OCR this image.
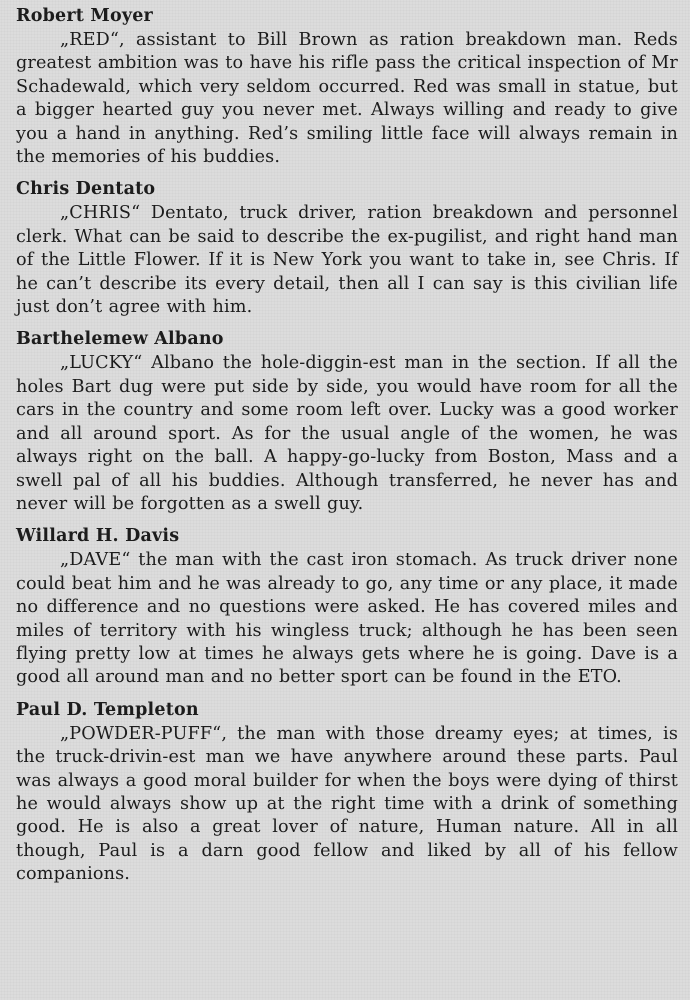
Robert Moyer

„RED“, assistant to Bill Brown as ration breakdown man. Reds greatest ambition was to have his rifle pass the critical inspection of Mr Schadewald, which very seldom occurred. Red was small in statue, but a bigger hearted guy you never met. Always willing and ready to give you a hand in anything. Red’s smiling little face will always remain in the memories of his buddies.

Chris Dentato

„CHRIS“ Dentato, truck driver, ration breakdown and personnel clerk. What can be said to describe the ex-pugilist, and right hand man of the Little Flower. If it is New York you want to take in, see Chris. If he can’t describe its every detail, then all I can say is this civilian life just don’t agree with him.

Barthelemew Albano

„LUCKY“ Albano the hole-diggin-est man in the section. If all the holes Bart dug were put side by side, you would have room for all the cars in the country and some room left over. Lucky was a good worker and all around sport. As for the usual angle of the women, he was always right on the ball. A happy-go-lucky from Boston, Mass and a swell pal of all his buddies. Although transferred, he never has and never will be forgotten as a swell guy.

Willard H. Davis

„DAVE“ the man with the cast iron stomach. As truck driver none could beat him and he was already to go, any time or any place, it made no difference and no questions were asked. He has covered miles and miles of territory with his wingless truck; although he has been seen flying pretty low at times he always gets where he is going. Dave is a good all around man and no better sport can be found in the ETO.

Paul D. Templeton

„POWDER-PUFF“, the man with those dreamy eyes; at times, is the truck-drivin-est man we have anywhere around these parts. Paul was always a good moral builder for when the boys were dying of thirst he would always show up at the right time with a drink of something good. He is also a great lover of nature, Human nature. All in all though, Paul is a darn good fellow and liked by all of his fellow companions.
